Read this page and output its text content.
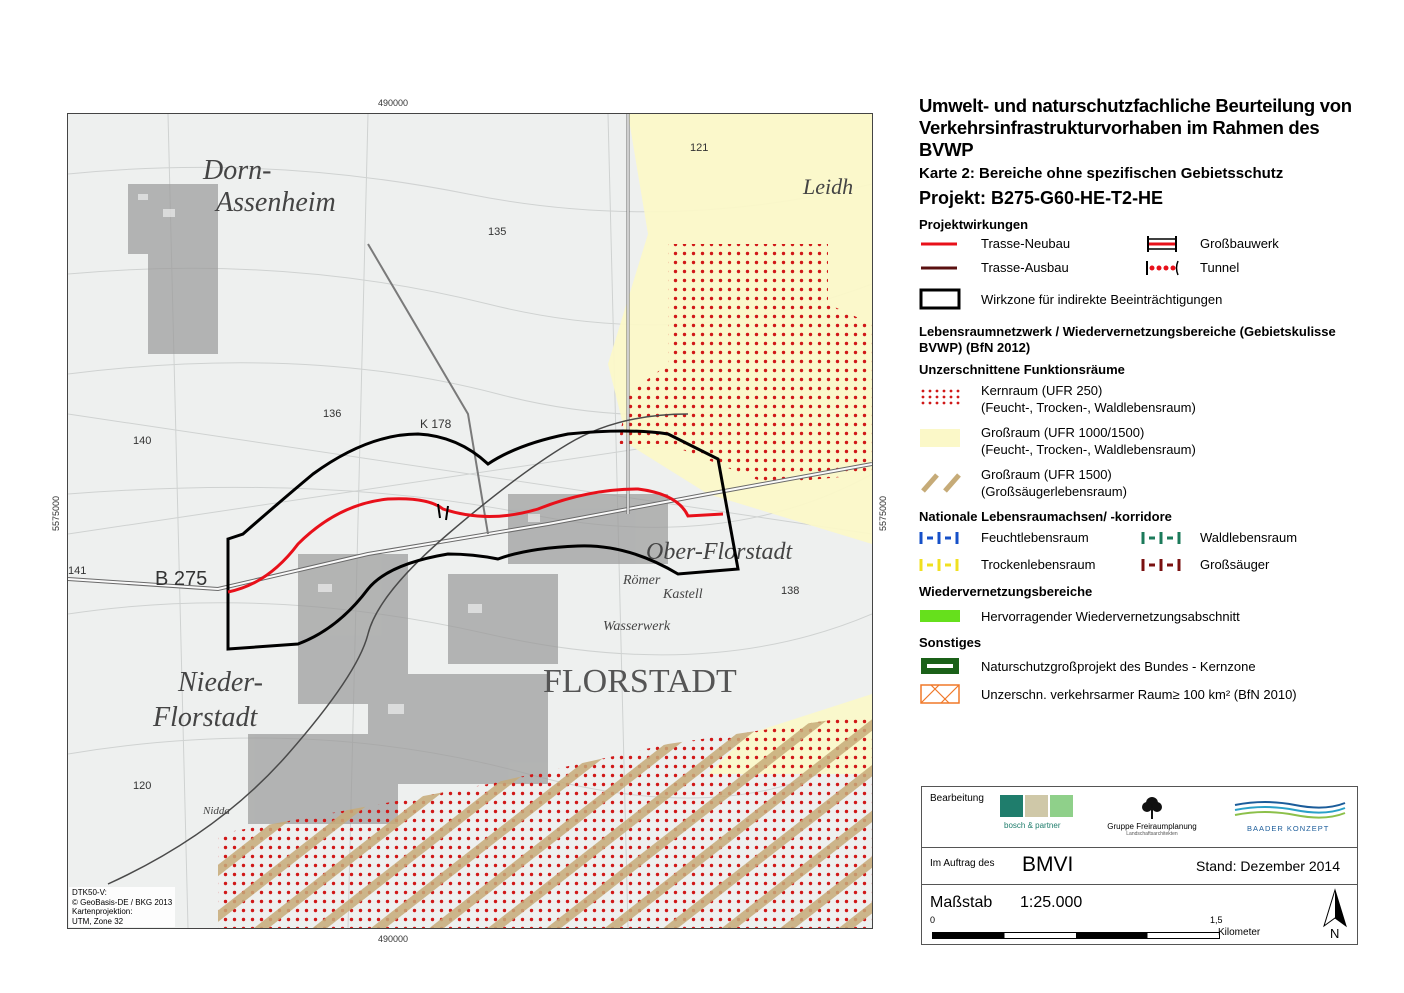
490000
490000
5575000	5575000
Dorn-
Assenheim
Ober-Florstadt
FLORSTADT
Nieder-
Florstadt
Römer
Kastell
Wasserwerk
Leidh
Nidda
B 275
K 178
121
135
136
138
140
120
141
DTK50-V:
© GeoBasis-DE / BKG 2013
Kartenprojektion:
UTM, Zone 32
Umwelt- und naturschutzfachliche Beurteilung von Verkehrsinfrastrukturvorhaben im Rahmen des BVWP
Karte 2: Bereiche ohne spezifischen Gebietsschutz
Projekt: B275-G60-HE-T2-HE
Projektwirkungen
Trasse-Neubau	Großbauwerk
Trasse-Ausbau	Tunnel
Wirkzone für indirekte Beeinträchtigungen
Lebensraumnetzwerk / Wiedervernetzungsbereiche (Gebietskulisse BVWP) (BfN 2012)
Unzerschnittene Funktionsräume
Kernraum (UFR 250)
(Feucht-, Trocken-, Waldlebensraum)
Großraum (UFR 1000/1500)
(Feucht-, Trocken-, Waldlebensraum)
Großraum (UFR 1500)
(Großsäugerlebensraum)
Nationale Lebensraumachsen/ -korridore
Feuchtlebensraum	Waldlebensraum
Trockenlebensraum	Großsäuger
Wiedervernetzungsbereiche
Hervorragender Wiedervernetzungsabschnitt
Sonstiges
Naturschutzgroßprojekt des Bundes - Kernzone
Unzerschn. verkehrsarmer Raum≥ 100 km² (BfN 2010)
Bearbeitung
bosch & partner	Gruppe Freiraumplanung
Landschaftsarchitekten
BAADER KONZEPT
Im Auftrag des BMVI	Stand: Dezember 2014
Maßstab 1:25.000
0	1,5
Kilometer	N
